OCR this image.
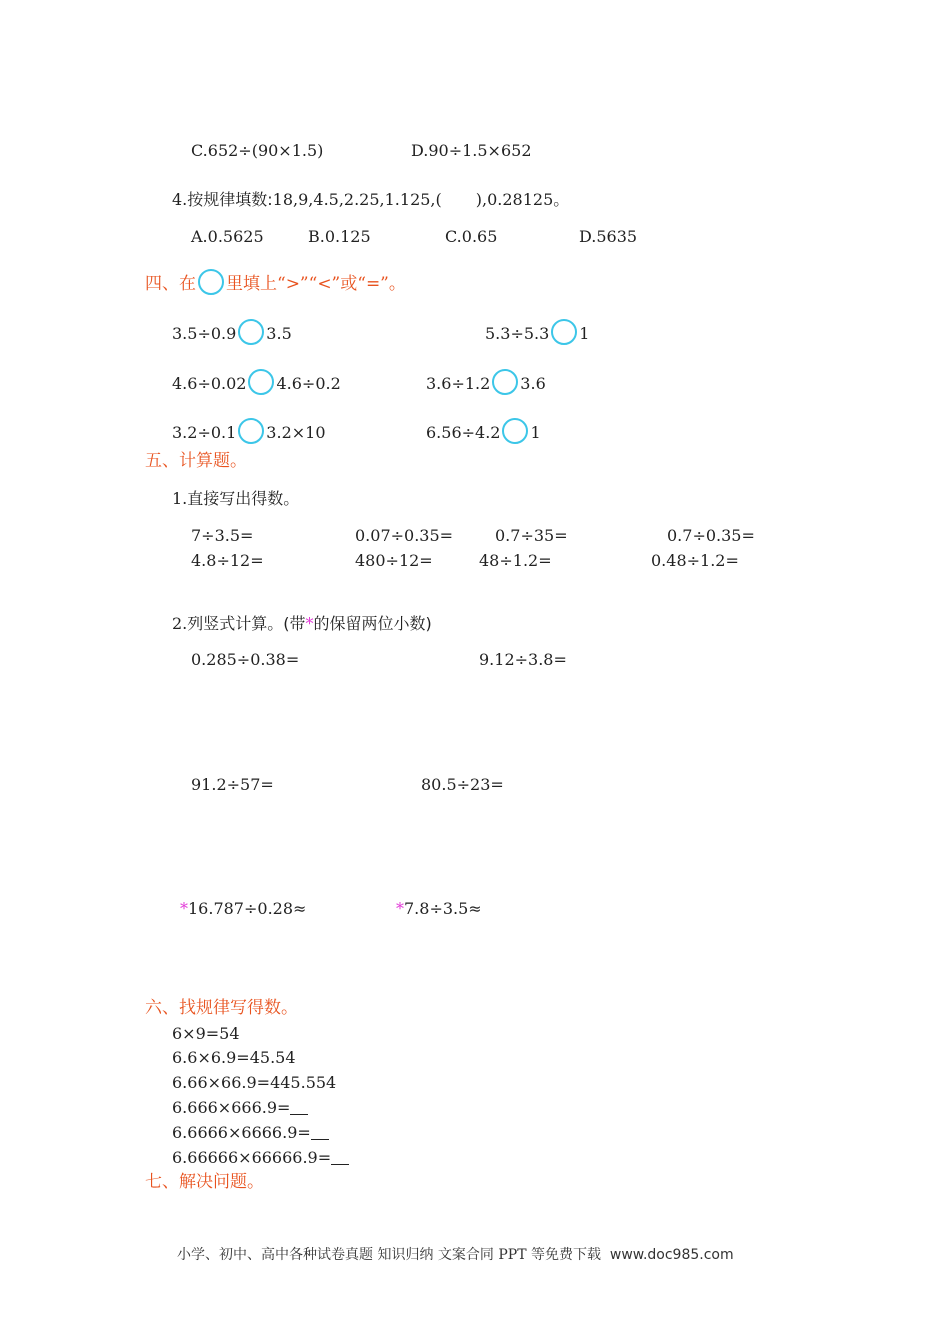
C.652÷(90×1.5)	D.90÷1.5×652
4.按规律填数:18,9,4.5,2.25,1.125,( ),0.28125。
A.0.5625	B.0.125	C.0.65	D.5635
四、在 里填上“>”“<”或“=”。
3.5÷0.9 3.5	5.3÷5.3 1
4.6÷0.02 4.6÷0.2	3.6÷1.2 3.6
3.2÷0.1 3.2×10	6.56÷4.2 1
五、计算题。
1.直接写出得数。
7÷3.5=	0.07÷0.35=	0.7÷35=	0.7÷0.35=
4.8÷12=	480÷12=	48÷1.2=	0.48÷1.2=
2.列竖式计算。(带*的保留两位小数)
0.285÷0.38=	9.12÷3.8=
91.2÷57=	80.5÷23=
*16.787÷0.28≈	*7.8÷3.5≈
六、找规律写得数。
6×9=54
6.6×6.9=45.54
6.66×66.9=445.554
6.666×666.9=
6.6666×6666.9=
6.66666×66666.9=
七、解决问题。
小学、初中、高中各种试卷真题 知识归纳 文案合同 PPT 等免费下载 www.doc985.com
